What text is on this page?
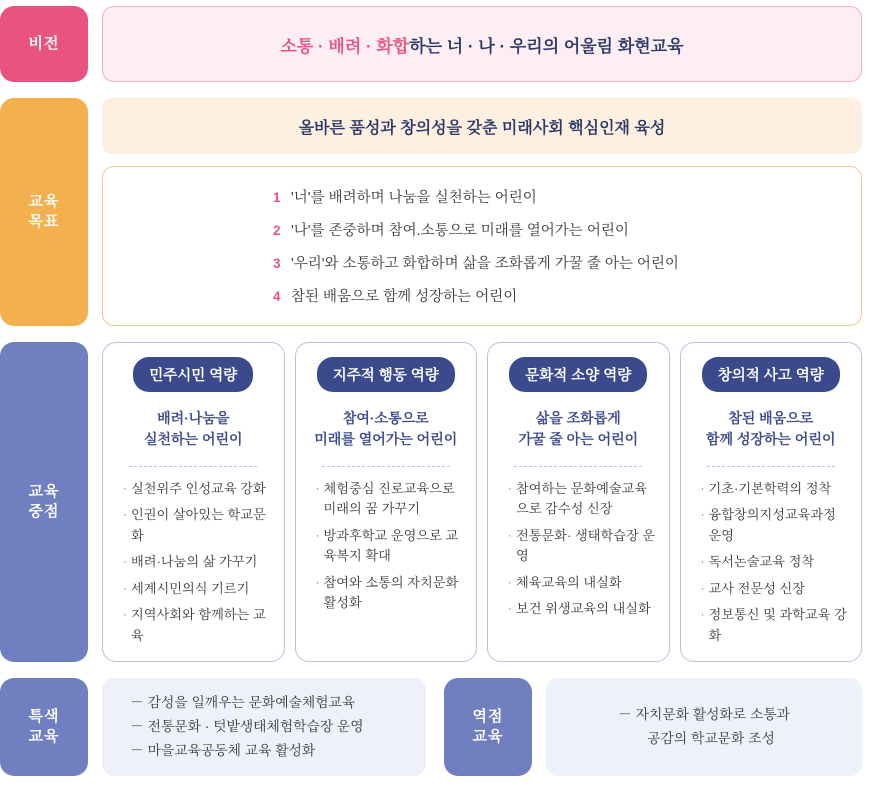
비전	소통 · 배려 · 화합 하는 너 · 나 · 우리의 어울림 화현교육
교육
목표
올바른 품성과 창의성을 갖춘 미래사회 핵심인재 육성
1 '너'를 배려하며 나눔을 실천하는 어린이
2 '나'를 존중하며 참여.소통으로 미래를 열어가는 어린이
3 '우리'와 소통하고 화합하며 삶을 조화롭게 가꿀 줄 아는 어린이
4 참된 배움으로 함께 성장하는 어린이
교육
중점
민주시민 역량
배려·나눔을
실천하는 어린이
· 실천위주 인성교육 강화
· 인권이 살아있는 학교문화
· 배려·나눔의 삶 가꾸기
· 세계시민의식 기르기
· 지역사회와 함께하는 교육
지주적 행동 역량
참여·소통으로
미래를 열어가는 어린이
· 체험중심 진로교육으로 미래의 꿈 가꾸기
· 방과후학교 운영으로 교육복지 확대
· 참여와 소통의 자치문화 활성화
문화적 소양 역량
삶을 조화롭게
가꿀 줄 아는 어린이
· 참여하는 문화예술교육으로 감수성 신장
· 전통문화· 생태학습장 운영
· 체육교육의 내실화
· 보건 위생교육의 내실화
창의적 사고 역량
참된 배움으로
함께 성장하는 어린이
· 기초·기본학력의 정착
· 융합창의지성교육과정 운영
· 독서논술교육 정착
· 교사 전문성 신장
· 정보통신 및 과학교육 강화
특색
교육
－ 감성을 일깨우는 문화예술체험교육
－ 전통문화 · 텃밭생태체험학습장 운영
－ 마을교육공동체 교육 활성화
역점
교육
－ 자치문화 활성화로 소통과
공감의 학교문화 조성
